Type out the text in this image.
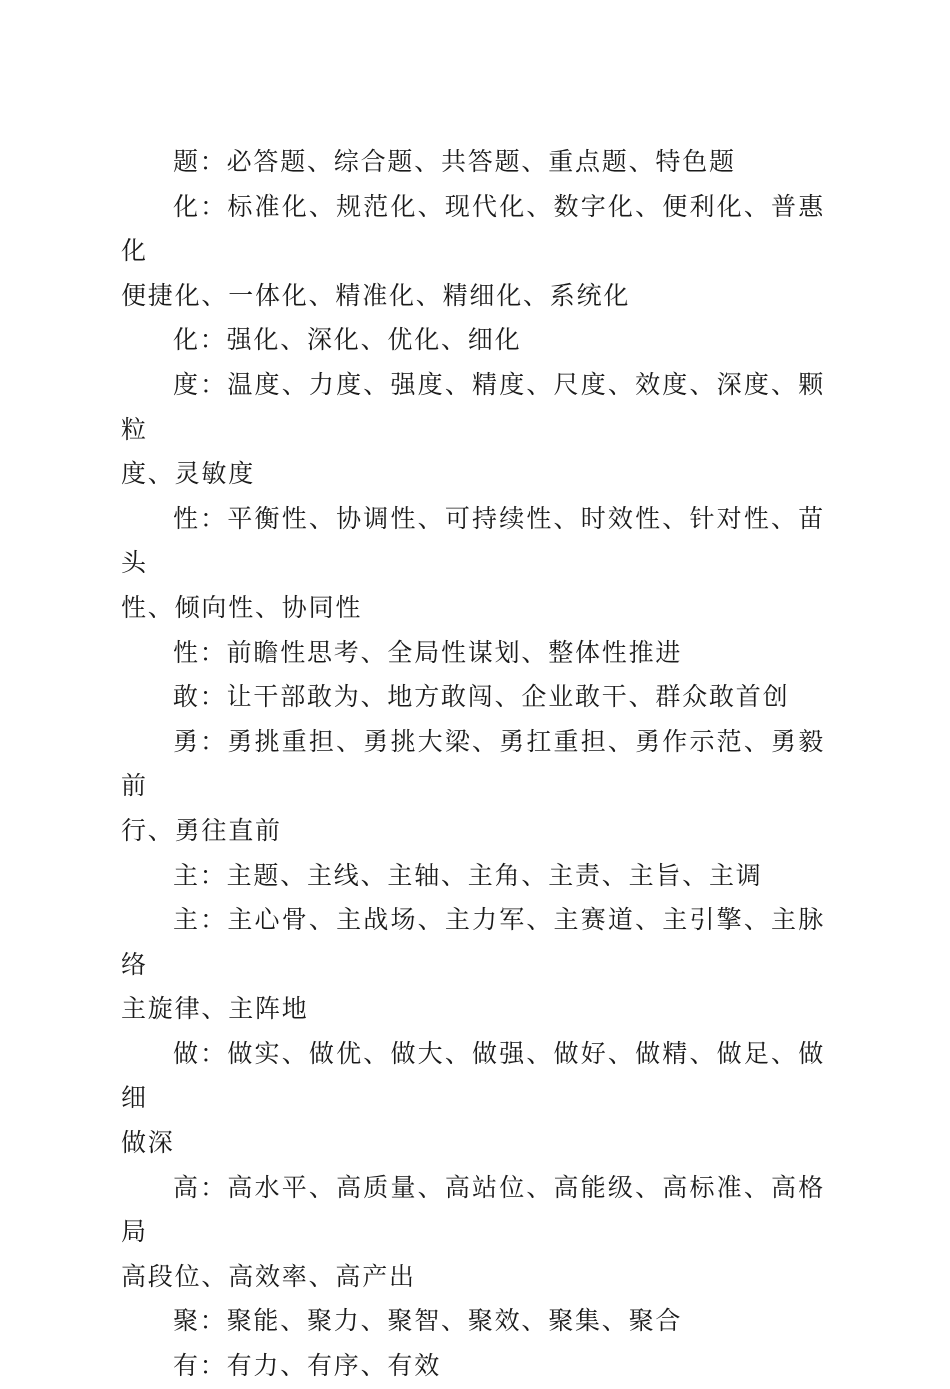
题：必答题、综合题、共答题、重点题、特色题

化：标准化、规范化、现代化、数字化、便利化、普惠化
便捷化、一体化、精准化、精细化、系统化

化：强化、深化、优化、细化

度：温度、力度、强度、精度、尺度、效度、深度、颗粒
度、灵敏度

性：平衡性、协调性、可持续性、时效性、针对性、苗头
性、倾向性、协同性

性：前瞻性思考、全局性谋划、整体性推进

敢：让干部敢为、地方敢闯、企业敢干、群众敢首创

勇：勇挑重担、勇挑大梁、勇扛重担、勇作示范、勇毅前
行、勇往直前

主：主题、主线、主轴、主角、主责、主旨、主调

主：主心骨、主战场、主力军、主赛道、主引擎、主脉络
主旋律、主阵地

做：做实、做优、做大、做强、做好、做精、做足、做细
做深

高：高水平、高质量、高站位、高能级、高标准、高格局
高段位、高效率、高产出

聚：聚能、聚力、聚智、聚效、聚集、聚合

有：有力、有序、有效
